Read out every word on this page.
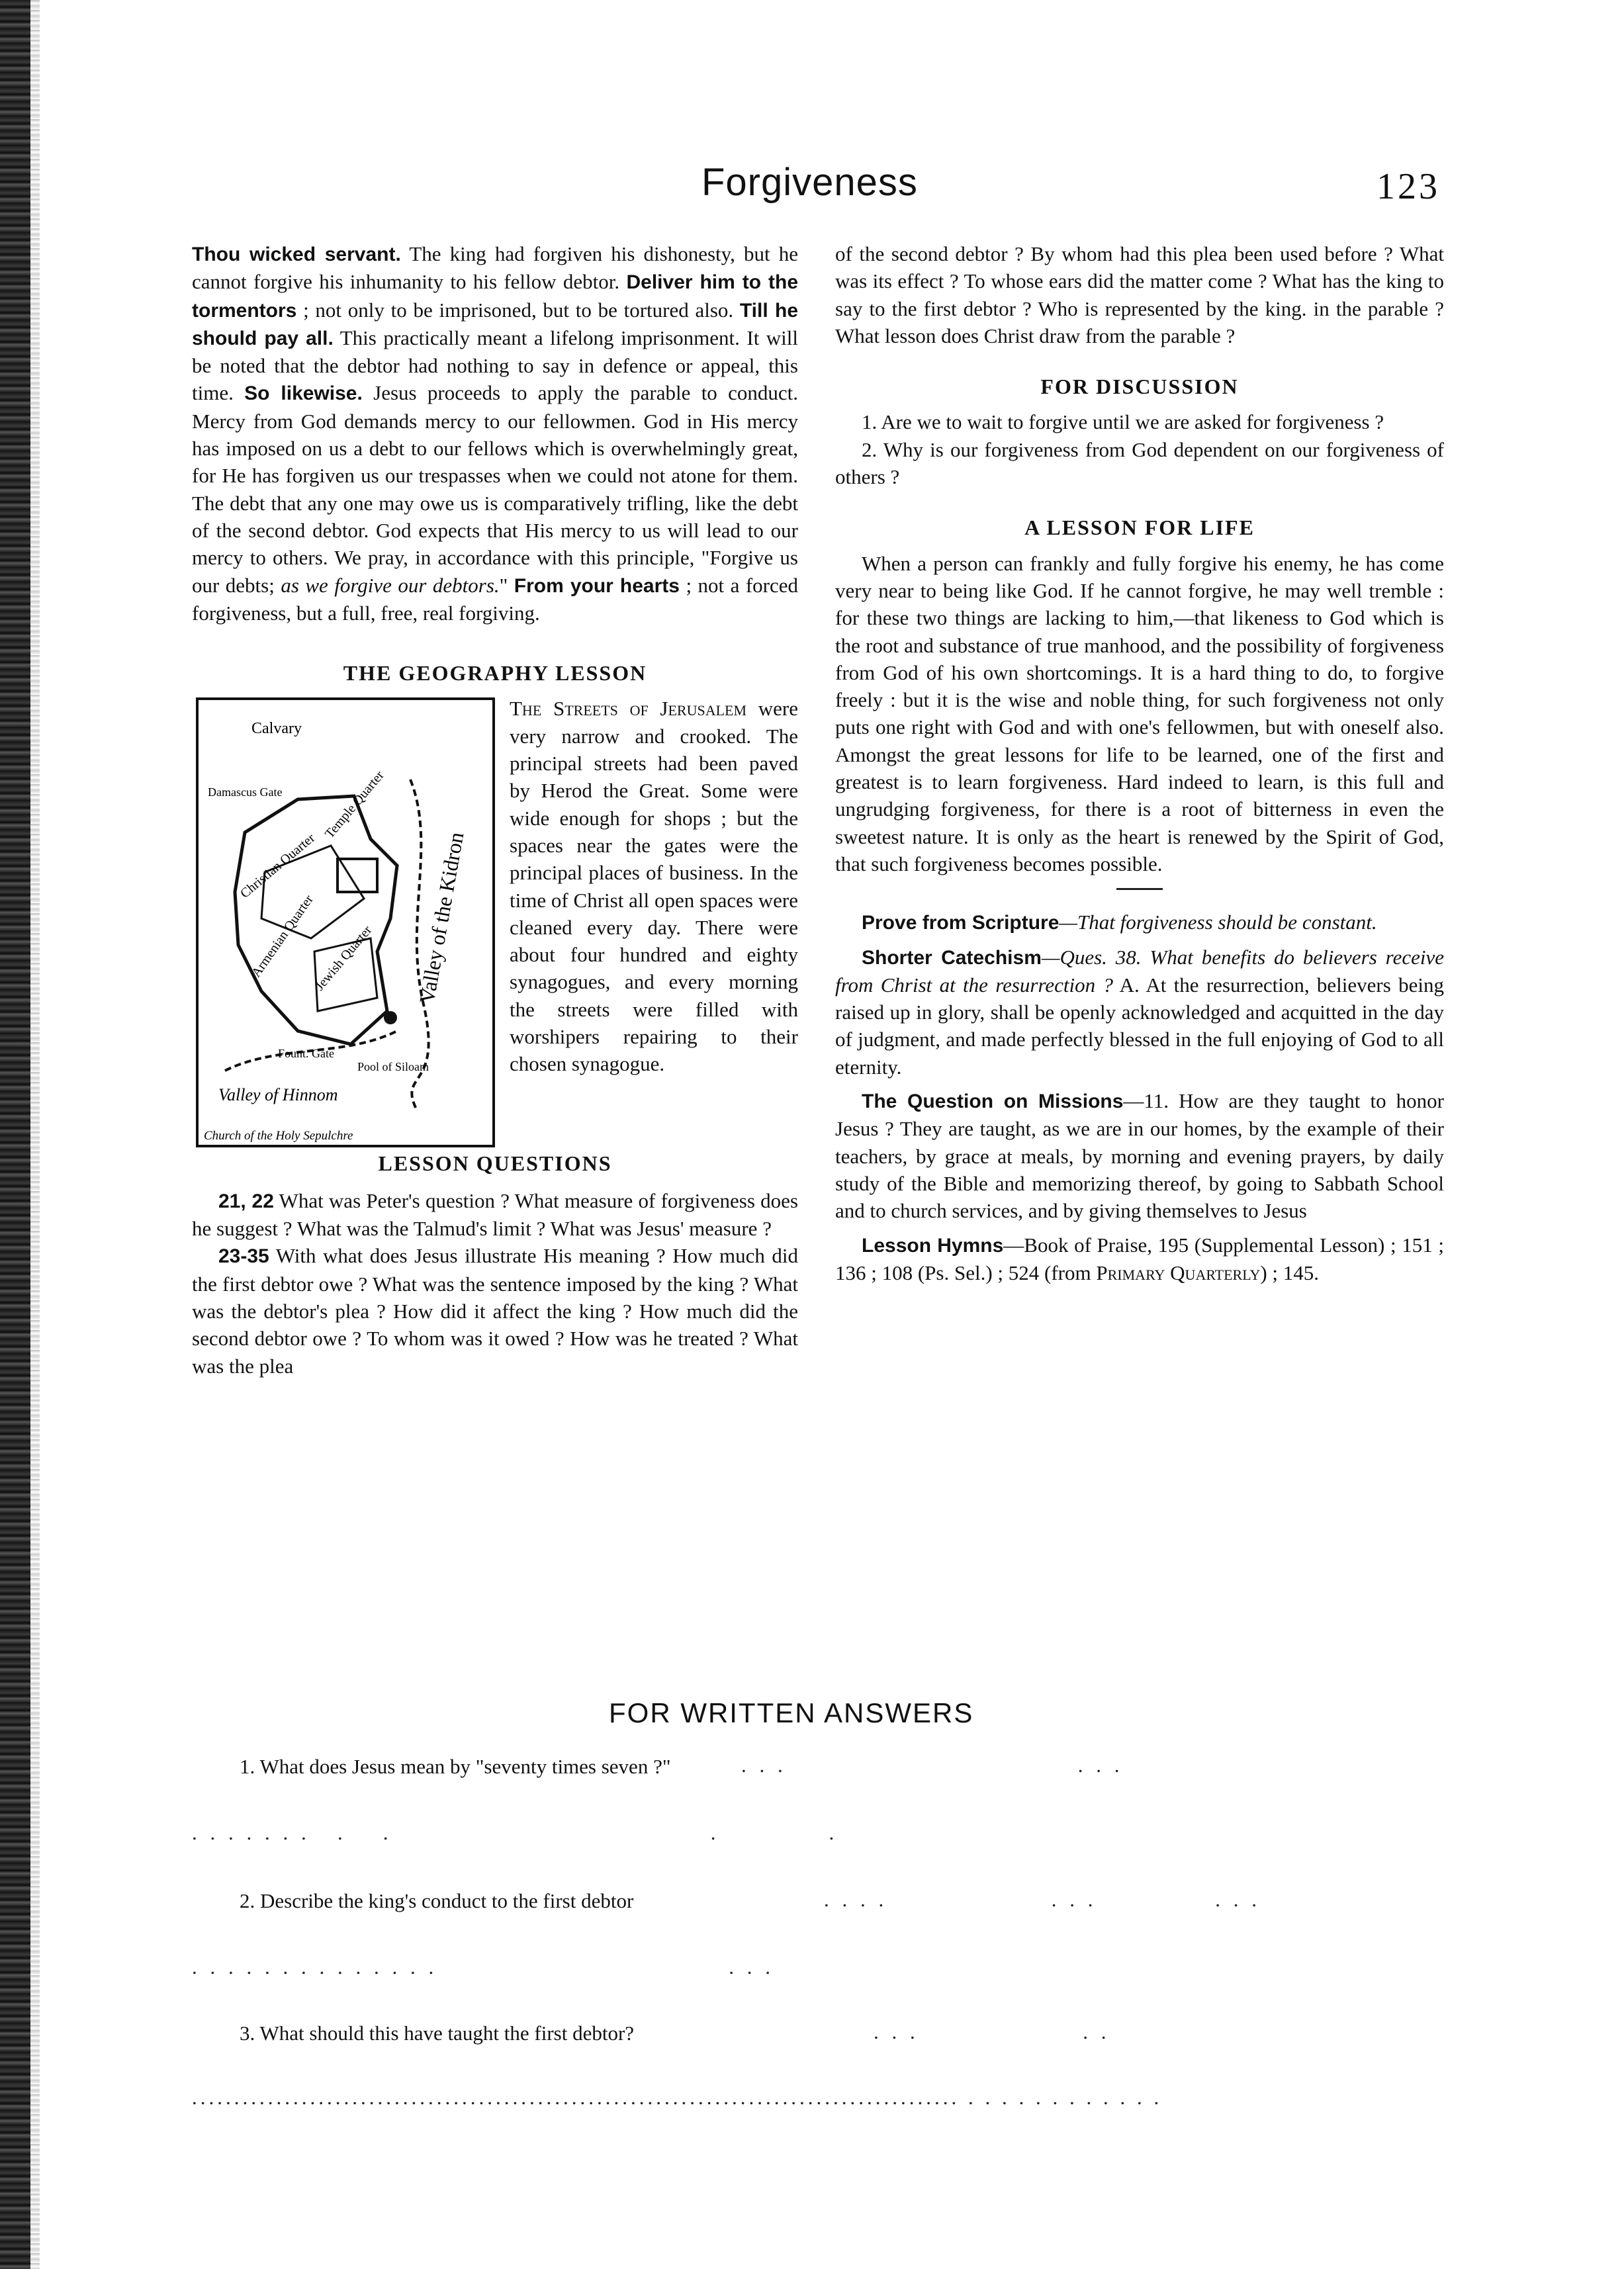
Forgiveness	123

Thou wicked servant. The king had forgiven his dishonesty, but he cannot forgive his inhumanity to his fellow debtor. Deliver him to the tormentors ; not only to be imprisoned, but to be tortured also. Till he should pay all. This practically meant a lifelong imprisonment. It will be noted that the debtor had nothing to say in defence or appeal, this time. So likewise. Jesus proceeds to apply the parable to conduct. Mercy from God demands mercy to our fellowmen. God in His mercy has imposed on us a debt to our fellows which is overwhelmingly great, for He has forgiven us our trespasses when we could not atone for them. The debt that any one may owe us is comparatively trifling, like the debt of the second debtor. God expects that His mercy to us will lead to our mercy to others. We pray, in accordance with this principle, "Forgive us our debts; as we forgive our debtors." From your hearts ; not a forced forgiveness, but a full, free, real forgiving.

THE GEOGRAPHY LESSON

Calvary
Damascus Gate
Christian Quarter
Temple Quarter
Armenian Quarter
Jewish Quarter Valley of the Kidron
Fount. Gate
Pool of Siloam
Valley of Hinnom
Church of the Holy Sepulchre

The Streets of Jerusalem were very narrow and crooked. The principal streets had been paved by Herod the Great. Some were wide enough for shops ; but the spaces near the gates were the principal places of business. In the time of Christ all open spaces were cleaned every day. There were about four hundred and eighty synagogues, and every morning the streets were filled with worshipers repairing to their chosen synagogue.

LESSON QUESTIONS

21, 22 What was Peter's question ? What measure of forgiveness does he suggest ? What was the Talmud's limit ? What was Jesus' measure ?

23-35 With what does Jesus illustrate His meaning ? How much did the first debtor owe ? What was the sentence imposed by the king ? What was the debtor's plea ? How did it affect the king ? How much did the second debtor owe ? To whom was it owed ? How was he treated ? What was the plea

of the second debtor ? By whom had this plea been used before ? What was its effect ? To whose ears did the matter come ? What has the king to say to the first debtor ? Who is represented by the king. in the parable ? What lesson does Christ draw from the parable ?

FOR DISCUSSION

1. Are we to wait to forgive until we are asked for forgiveness ?

2. Why is our forgiveness from God dependent on our forgiveness of others ?

A LESSON FOR LIFE

When a person can frankly and fully forgive his enemy, he has come very near to being like God. If he cannot forgive, he may well tremble : for these two things are lacking to him,—that likeness to God which is the root and substance of true manhood, and the possibility of forgiveness from God of his own shortcomings. It is a hard thing to do, to forgive freely : but it is the wise and noble thing, for such forgiveness not only puts one right with God and with one's fellowmen, but with oneself also. Amongst the great lessons for life to be learned, one of the first and greatest is to learn forgiveness. Hard indeed to learn, is this full and ungrudging forgiveness, for there is a root of bitterness in even the sweetest nature. It is only as the heart is renewed by the Spirit of God, that such forgiveness becomes possible.

Prove from Scripture—That forgiveness should be constant.

Shorter Catechism—Ques. 38. What benefits do believers receive from Christ at the resurrection ? A. At the resurrection, believers being raised up in glory, shall be openly acknowledged and acquitted in the day of judgment, and made perfectly blessed in the full enjoying of God to all eternity.

The Question on Missions—11. How are they taught to honor Jesus ? They are taught, as we are in our homes, by the example of their teachers, by grace at meals, by morning and evening prayers, by daily study of the Bible and memorizing thereof, by going to Sabbath School and to church services, and by giving themselves to Jesus

Lesson Hymns—Book of Praise, 195 (Supplemental Lesson) ; 151 ; 136 ; 108 (Ps. Sel.) ; 524 (from Primary Quarterly) ; 145.

FOR WRITTEN ANSWERS
1. What does Jesus mean by "seventy times seven ?"	. . .                                . . .
. . . . . . .   .    .                                   .            .
2. Describe the king's conduct to the first debtor	. . . .                  . . .             . . .
. . . . . . . . . . . . . .                                . . .
3. What should this have taught the first debtor?	. . .                  . .
........................................................................................... . . . . . . . . . . . .
